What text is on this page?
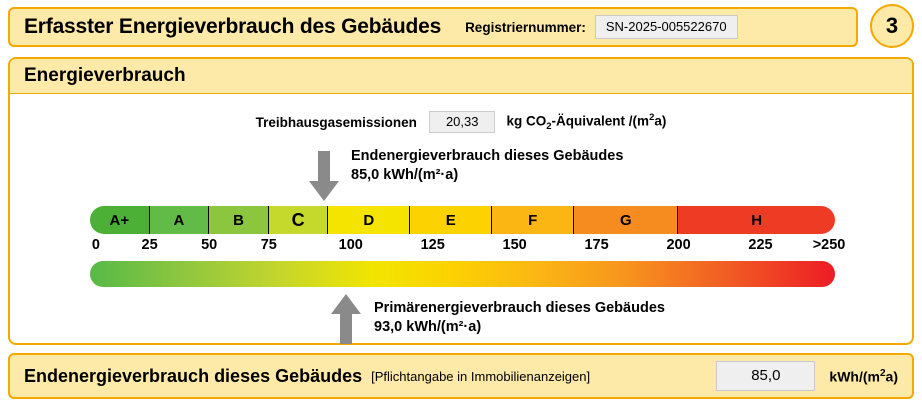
Erfasster Energieverbrauch des Gebäudes Registriernummer:	SN-2025-005522670	3
Energieverbrauch
Treibhausgasemissionen	20,33	kg $CO_2$-Äquivalent $/(m^2a)$
Endenergieverbrauch dieses Gebäudes
85,0 kWh/(m²·a)
A+	A	B	C	D	E	F	G	H
0	25	50	75	100	125	150	175	200	225	>250
Primärenergieverbrauch dieses Gebäudes
93,0 kWh/(m²·a)
Endenergieverbrauch dieses Gebäudes [Pflichtangabe in Immobilienanzeigen]	85,0	kWh/$(m^2a)$
